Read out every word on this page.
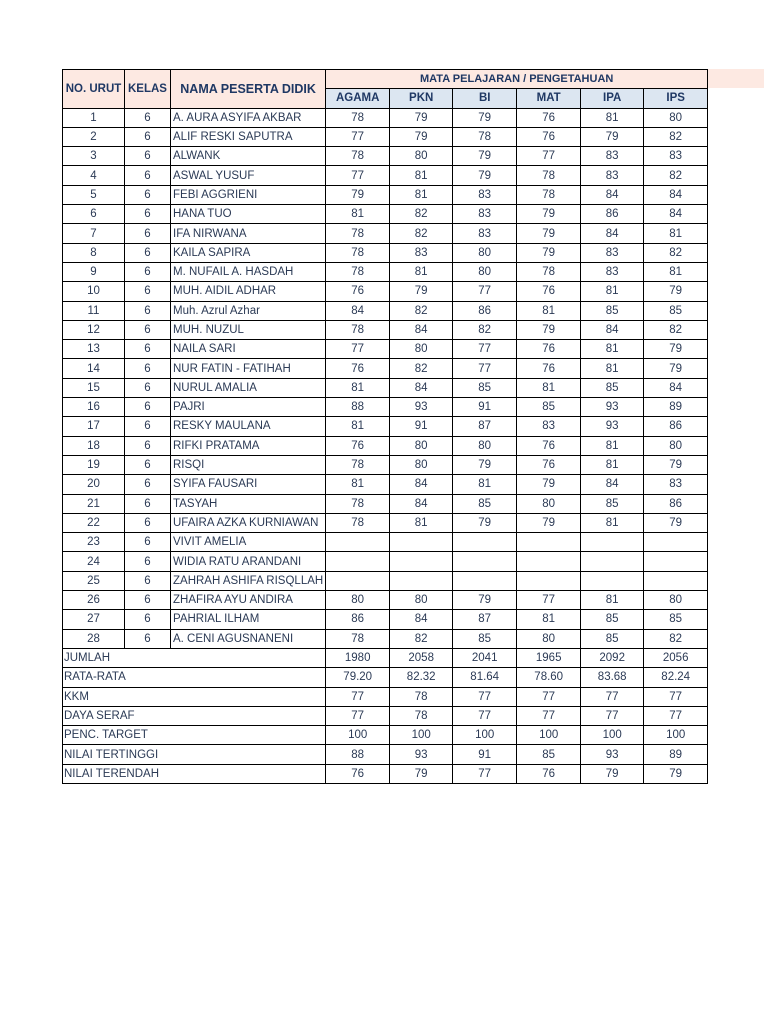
NO. URUT	KELAS	NAMA PESERTA DIDIK	MATA PELAJARAN / PENGETAHUAN					
			AGAMA	PKN	BI	MAT	IPA	IPS
1	6	A. AURA ASYIFA AKBAR	78	79	79	76	81	80
2	6	ALIF RESKI SAPUTRA	77	79	78	76	79	82
3	6	ALWANK	78	80	79	77	83	83
4	6	ASWAL YUSUF	77	81	79	78	83	82
5	6	FEBI AGGRIENI	79	81	83	78	84	84
6	6	HANA TUO	81	82	83	79	86	84
7	6	IFA NIRWANA	78	82	83	79	84	81
8	6	KAILA SAPIRA	78	83	80	79	83	82
9	6	M. NUFAIL A. HASDAH	78	81	80	78	83	81
10	6	MUH. AIDIL ADHAR	76	79	77	76	81	79
11	6	Muh. Azrul Azhar	84	82	86	81	85	85
12	6	MUH. NUZUL	78	84	82	79	84	82
13	6	NAILA SARI	77	80	77	76	81	79
14	6	NUR FATIN - FATIHAH	76	82	77	76	81	79
15	6	NURUL AMALIA	81	84	85	81	85	84
16	6	PAJRI	88	93	91	85	93	89
17	6	RESKY MAULANA	81	91	87	83	93	86
18	6	RIFKI PRATAMA	76	80	80	76	81	80
19	6	RISQI	78	80	79	76	81	79
20	6	SYIFA FAUSARI	81	84	81	79	84	83
21	6	TASYAH	78	84	85	80	85	86
22	6	UFAIRA AZKA KURNIAWAN	78	81	79	79	81	79
23	6	VIVIT AMELIA						
24	6	WIDIA RATU ARANDANI						
25	6	ZAHRAH ASHIFA RISQLLAH						
26	6	ZHAFIRA AYU ANDIRA	80	80	79	77	81	80
27	6	PAHRIAL ILHAM	86	84	87	81	85	85
28	6	A. CENI AGUSNANENI	78	82	85	80	85	82
JUMLAH			1980	2058	2041	1965	2092	2056
RATA-RATA			79.20	82.32	81.64	78.60	83.68	82.24
KKM			77	78	77	77	77	77
DAYA SERAF			77	78	77	77	77	77
PENC. TARGET			100	100	100	100	100	100
NILAI TERTINGGI			88	93	91	85	93	89
NILAI TERENDAH			76	79	77	76	79	79
